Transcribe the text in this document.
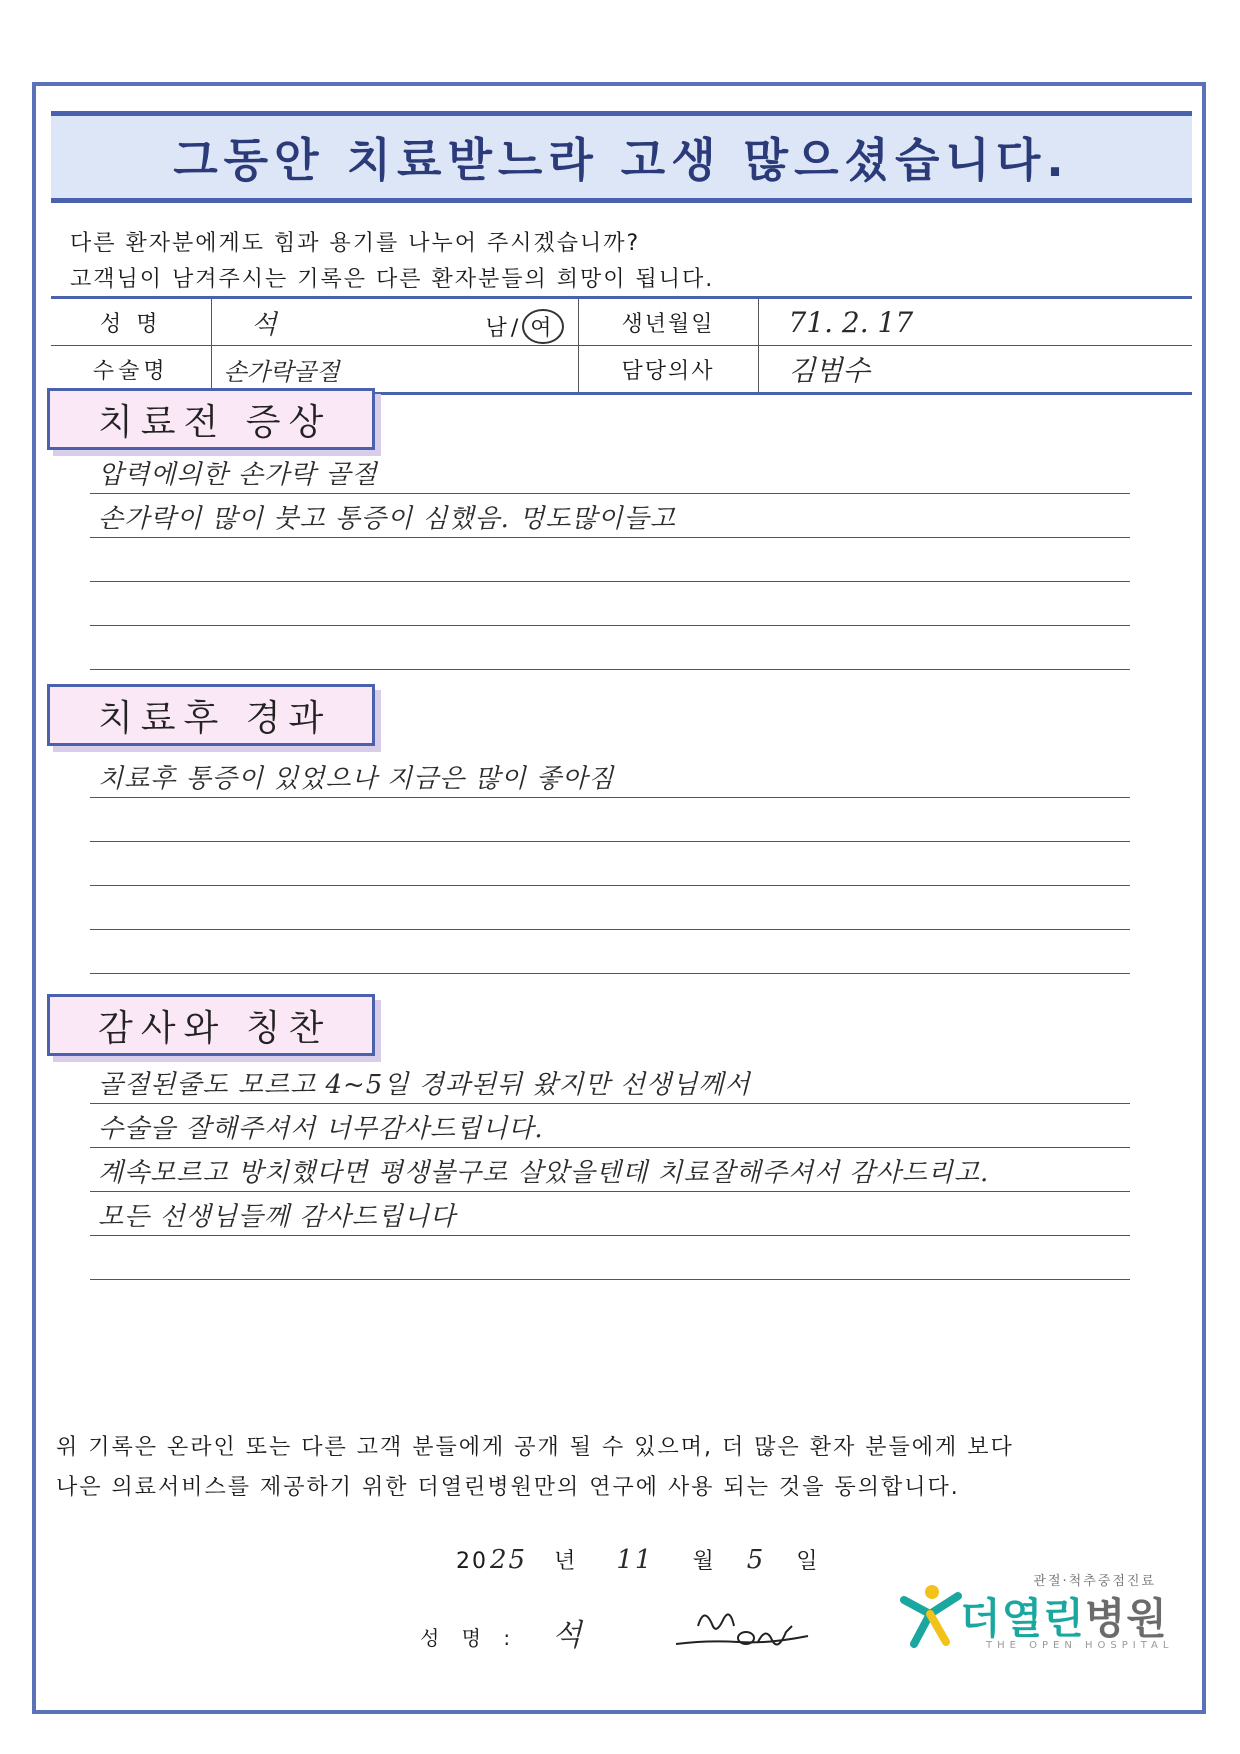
그동안 치료받느라 고생 많으셨습니다.
다른 환자분에게도 힘과 용기를 나누어 주시겠습니까?
고객님이 남겨주시는 기록은 다른 환자분들의 희망이 됩니다.
성 명	석 남/ 여	생년월일	71. 2. 17
수술명	손가락골절	담당의사	김범수
치료전 증상
압력에의한 손가락 골절
손가락이 많이 붓고 통증이 심했음. 멍도많이들고
치료후 경과
치료후 통증이 있었으나 지금은 많이 좋아짐
감사와 칭찬
골절된줄도 모르고 4~5일 경과된뒤 왔지만 선생님께서
수술을 잘해주셔서 너무감사드립니다.
계속모르고 방치했다면 평생불구로 살았을텐데 치료잘해주셔서 감사드리고.
모든 선생님들께 감사드립니다
위 기록은 온라인 또는 다른 고객 분들에게 공개 될 수 있으며, 더 많은 환자 분들에게 보다
나은 의료서비스를 제공하기 위한 더열린병원만의 연구에 사용 되는 것을 동의합니다.
2025 년 11 월 5 일
성 명 : 석
관절·척추중점진료
더열린병원
THE OPEN HOSPITAL
